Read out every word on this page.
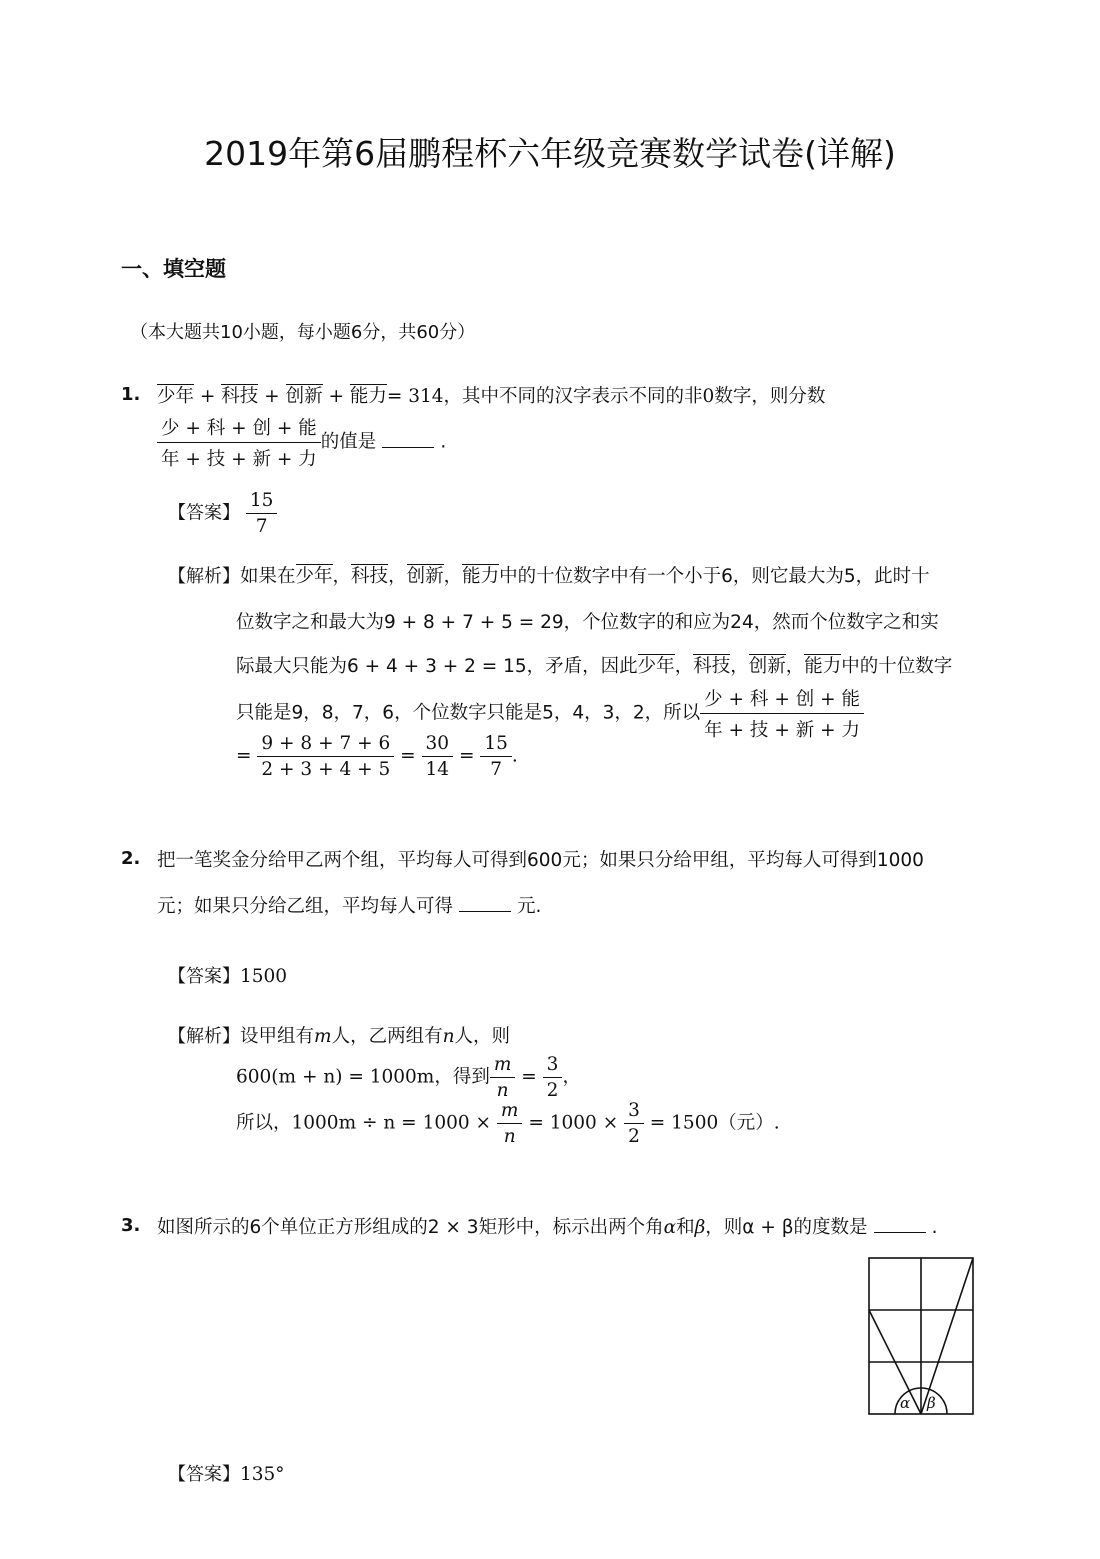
2019年第6届鹏程杯六年级竞赛数学试卷(详解)
一、填空题
（本大题共10小题，每小题6分，共60分）
1. 少年 + 科技 + 创新 + 能力= 314，其中不同的汉字表示不同的非0数字，则分数
$\frac{\text{少 + 科 + 创 + 能}}{\text{年 + 技 + 新 + 力}}$ 的值是	.
【答案】 $\frac{15}{7}$
【解析】如果在少年，科技，创新，能力中的十位数字中有一个小于6，则它最大为5，此时十
位数字之和最大为9 + 8 + 7 + 5 = 29，个位数字的和应为24，然而个位数字之和实
际最大只能为6 + 4 + 3 + 2 = 15，矛盾，因此少年，科技，创新，能力中的十位数字
只能是9，8，7，6，个位数字只能是5，4，3，2，所以 $\frac{\text{少 + 科 + 创 + 能}}{\text{年 + 技 + 新 + 力}}$
= $\frac{9 + 8 + 7 + 6}{2 + 3 + 4 + 5} = \frac{30}{14} = \frac{15}{7}$ .
2. 把一笔奖金分给甲乙两个组，平均每人可得到600元；如果只分给甲组，平均每人可得到1000
元；如果只分给乙组，平均每人可得	元.
【答案】1500
【解析】设甲组有m人，乙两组有n人，则
600(m + n) = 1000m，得到 $\frac{m}{n} = \frac{3}{2}$ ，
所以，$1000m \div n = 1000 \times \frac{m}{n} = 1000 \times \frac{3}{2} = 1500$（元）.
3. 如图所示的6个单位正方形组成的2 × 3矩形中，标示出两个角α和β，则α + β的度数是	.
α β
【答案】135°
